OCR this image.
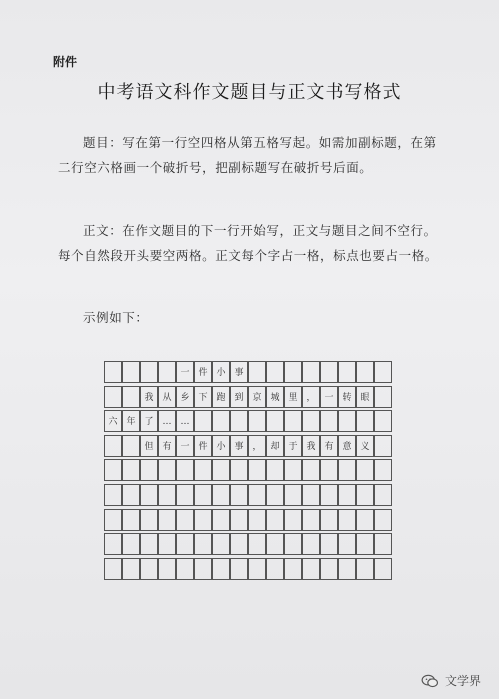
附件
中考语文科作文题目与正文书写格式
题目：写在第一行空四格从第五格写起。如需加副标题，在第二行空六格画一个破折号，把副标题写在破折号后面。
正文：在作文题目的下一行开始写，正文与题目之间不空行。每个自然段开头要空两格。正文每个字占一格，标点也要占一格。
示例如下：
一 件 小 事
我 从 乡 下 跑 到 京 城 里 ， 一 转 眼
六 年 了	…	…
但 有 一 件 小 事 ， 却 于 我 有 意 义
文学界
